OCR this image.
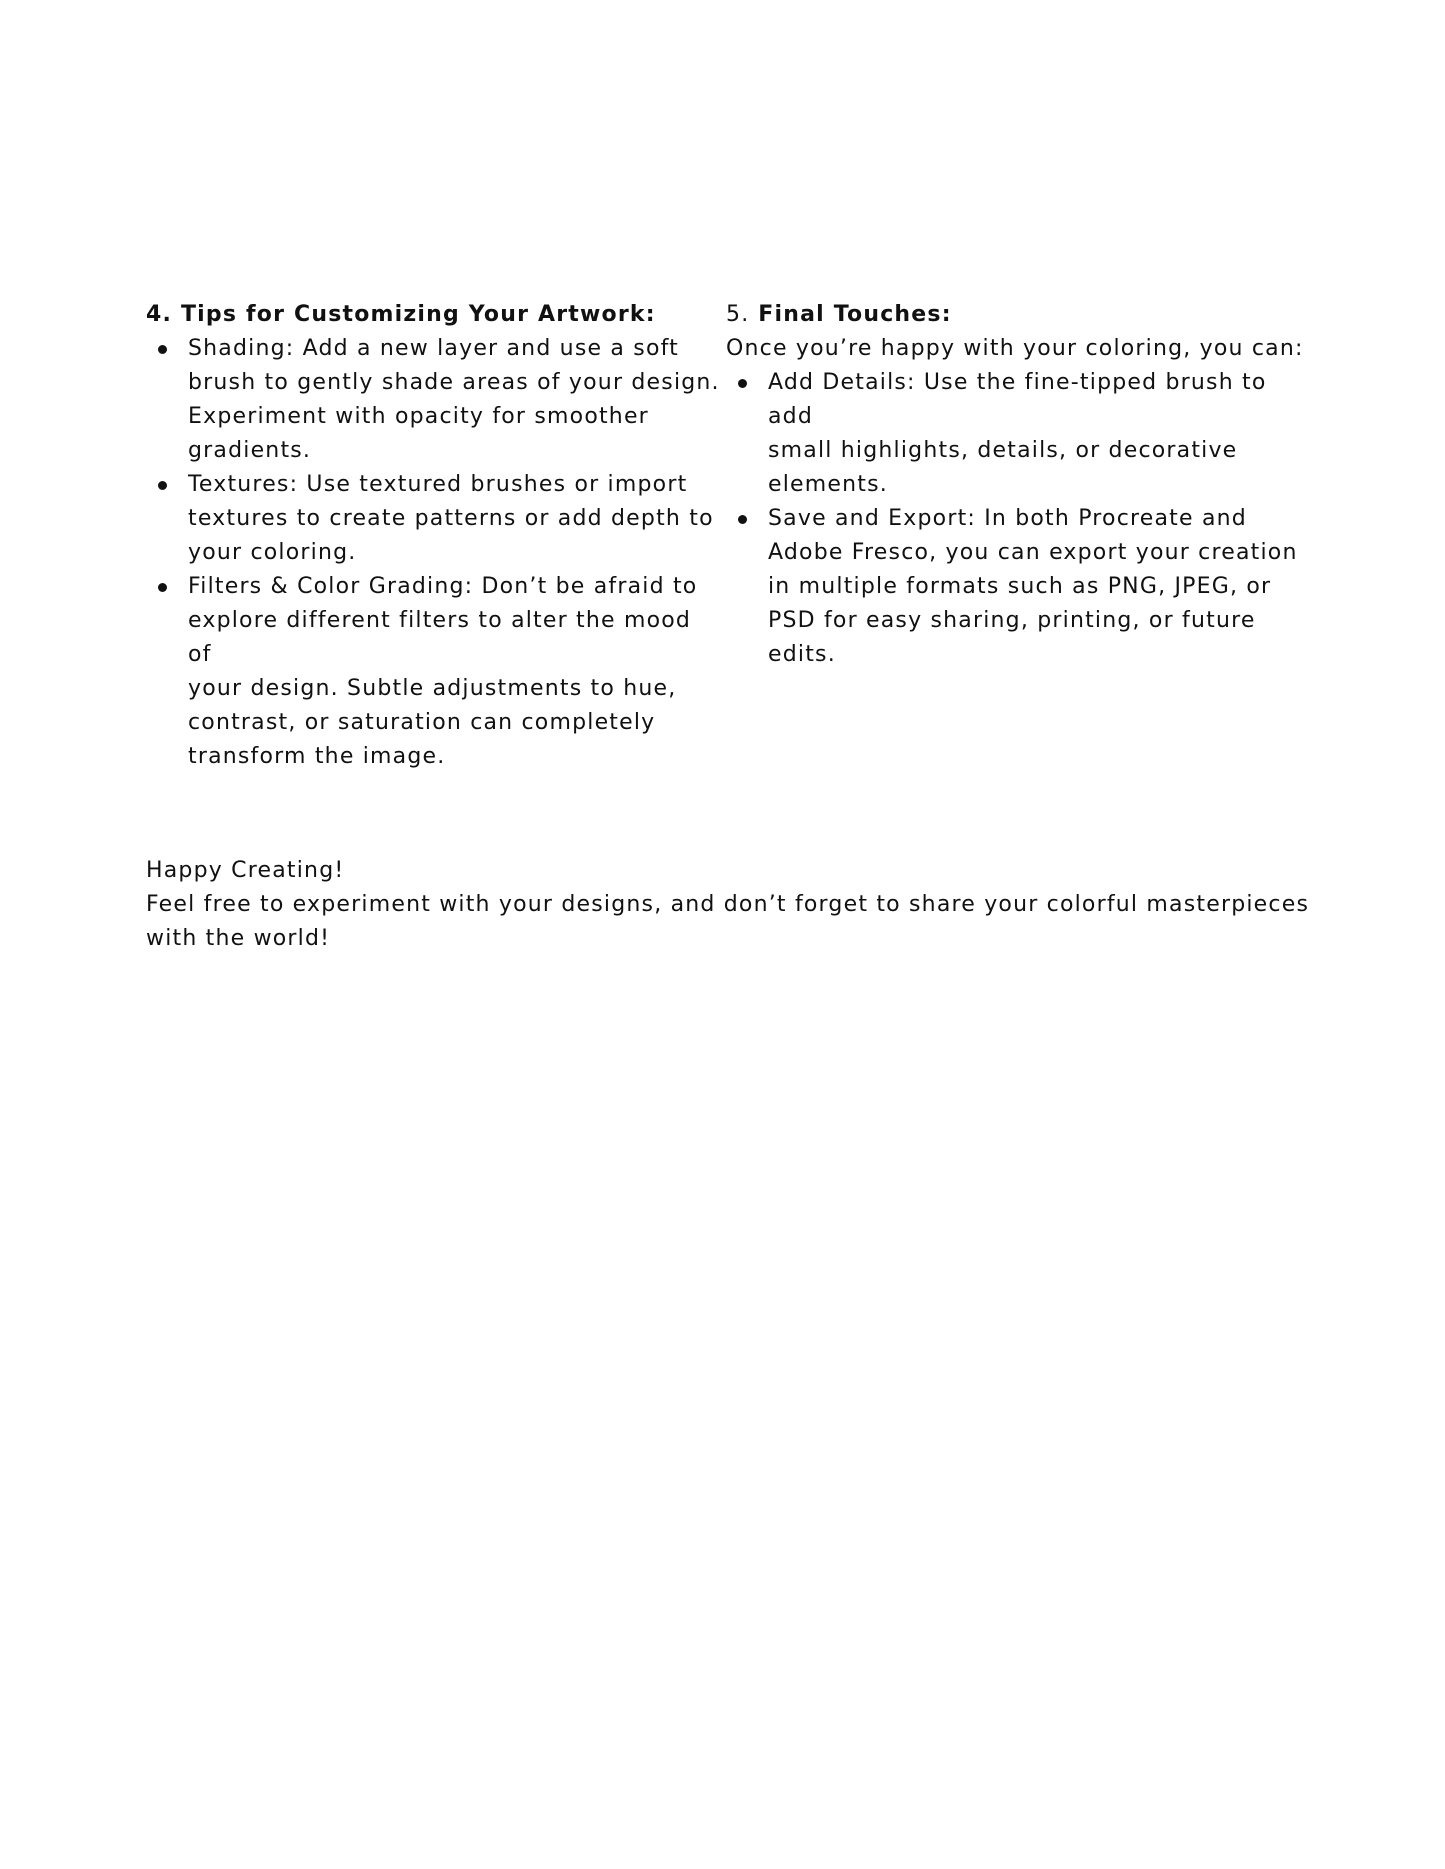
4. Tips for Customizing Your Artwork:
Shading: Add a new layer and use a soft
brush to gently shade areas of your design.
Experiment with opacity for smoother
gradients.
Textures: Use textured brushes or import
textures to create patterns or add depth to
your coloring.
Filters & Color Grading: Don’t be afraid to
explore different filters to alter the mood
of
your design. Subtle adjustments to hue,
contrast, or saturation can completely
transform the image.
5. Final Touches:
Once you’re happy with your coloring, you can:
Add Details: Use the fine-tipped brush to
add
small highlights, details, or decorative
elements.
Save and Export: In both Procreate and
Adobe Fresco, you can export your creation
in multiple formats such as PNG, JPEG, or
PSD for easy sharing, printing, or future
edits.
Happy Creating!
Feel free to experiment with your designs, and don’t forget to share your colorful masterpieces
with the world!
